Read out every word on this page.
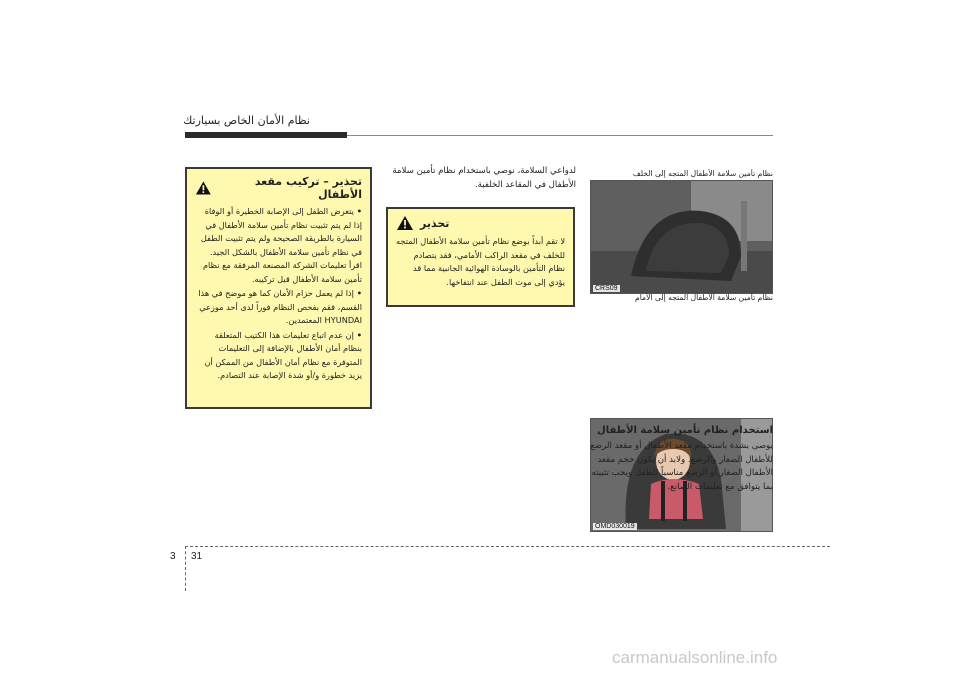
نظام الأمان الخاص بسيارتك
تحذير – تركيب مقعد الأطفال

• يتعرض الطفل إلى الإصابة الخطيرة أو الوفاة إذا لم يتم تثبيت نظام تأمين سلامة الأطفال في السيارة بالطريقة الصحيحة ولم يتم تثبيت الطفل في نظام تأمين سلامة الأطفال بالشكل الجيد. اقرأ تعليمات الشركة المصنعة المرفقة مع نظام تأمين سلامة الأطفال قبل تركيبه.

• إذا لم يعمل حزام الأمان كما هو موضح في هذا القسم، فقم بفحص النظام فوراً لدى أحد موزعي HYUNDAI المعتمدين.

• إن عدم اتباع تعليمات هذا الكتيب المتعلقة بنظام أمان الأطفال بالإضافة إلى التعليمات المتوفرة مع نظام أمان الأطفال من الممكن أن يزيد خطورة و/أو شدة الإصابة عند التصادم.

لدواعي السلامة، نوصي باستخدام نظام تأمين سلامة الأطفال في المقاعد الخلفية.
تحذير
لا تقم أبداً بوضع نظام تأمين سلامة الأطفال المتجه للخلف في مقعد الراكب الأمامي، فقد يتصادم نظام التأمين بالوسادة الهوائية الجانبية مما قد يؤدي إلى موت الطفل عند انتفاخها.
نظام تأمين سلامة الأطفال المتجه إلى الخلف
CRS09
نظام تأمين سلامة الأطفال المتجه إلى الأمام
OMD030019
استخدام نظام تأمين سلامة الأطفال
يوصى بشدة باستخدام مقعد الأطفال أو مقعد الرضع للأطفال الصغار والرضع. ولابد أن يكون حجم مقعد الأطفال الصغار أو الرضع مناسباً للطفل ويجب تثبيته بما يتوافق مع تعليمات الصانع.
3 31
carmanualsonline.info
